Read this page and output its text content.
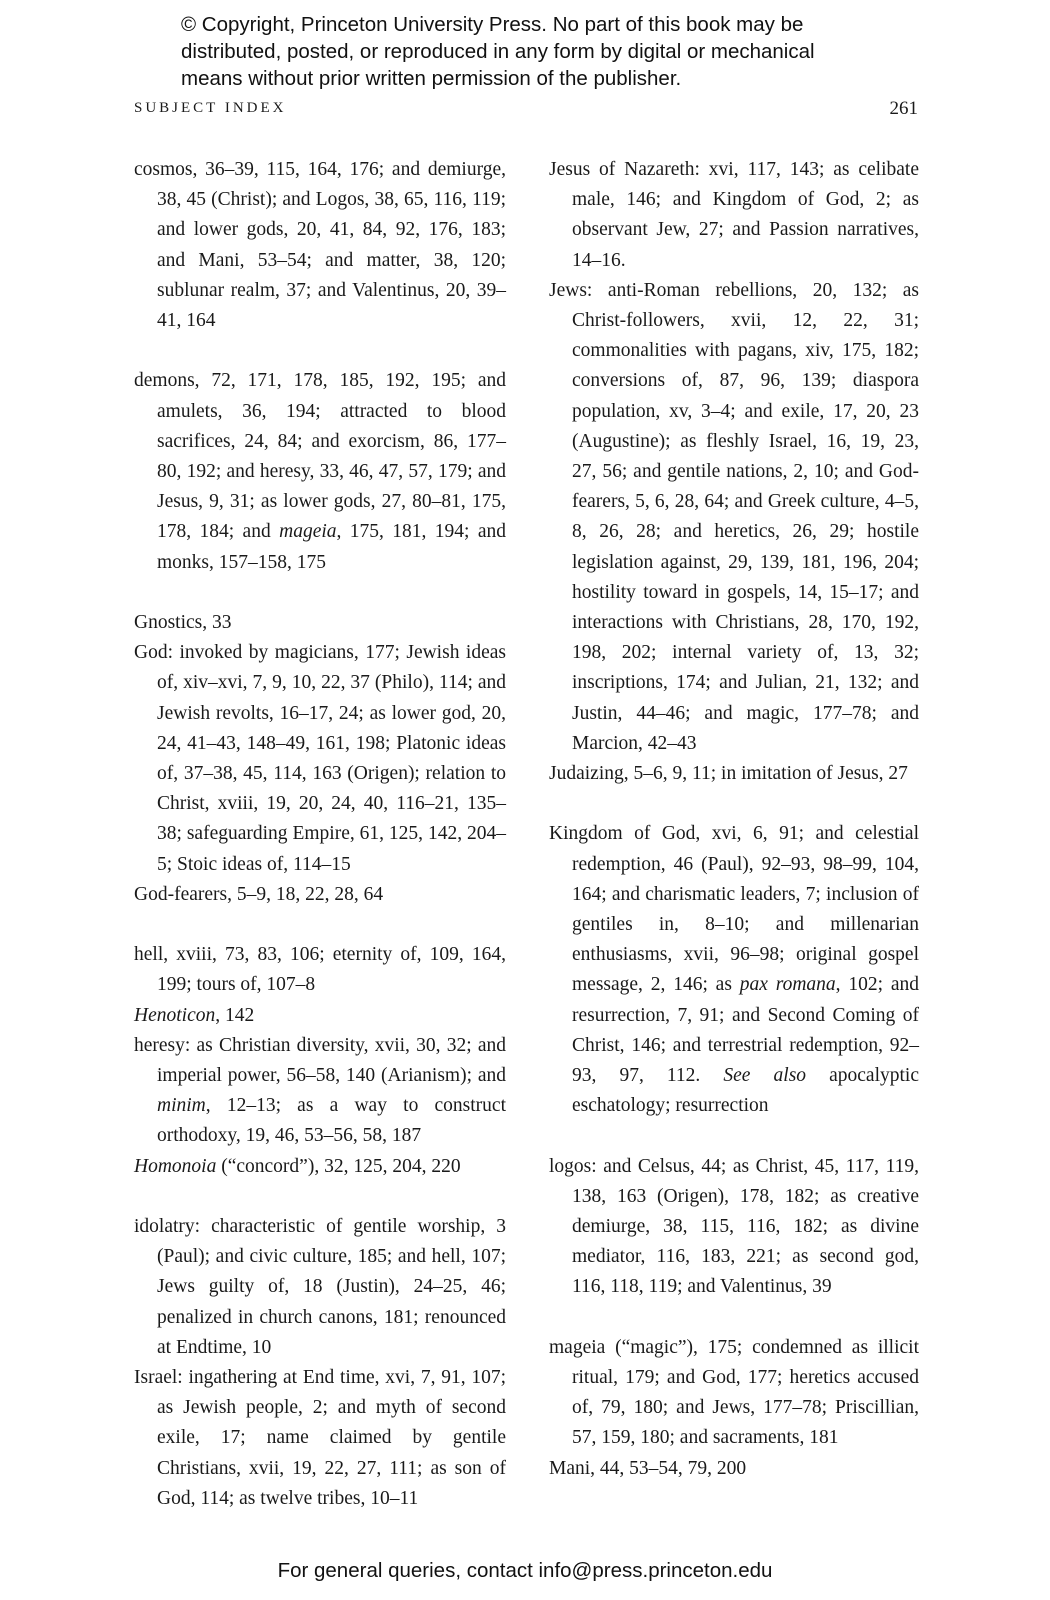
© Copyright, Princeton University Press. No part of this book may be
distributed, posted, or reproduced in any form by digital or mechanical
means without prior written permission of the publisher.
SUBJECT INDEX	261
cosmos, 36–39, 115, 164, 176; and demiurge, 38, 45 (Christ); and Logos, 38, 65, 116, 119; and lower gods, 20, 41, 84, 92, 176, 183; and Mani, 53–54; and matter, 38, 120; sublunar realm, 37; and Valentinus, 20, 39–41, 164
demons, 72, 171, 178, 185, 192, 195; and amulets, 36, 194; attracted to blood sacrifices, 24, 84; and exorcism, 86, 177–80, 192; and heresy, 33, 46, 47, 57, 179; and Jesus, 9, 31; as lower gods, 27, 80–81, 175, 178, 184; and mageia, 175, 181, 194; and monks, 157–158, 175
Gnostics, 33
God: invoked by magicians, 177; Jewish ideas of, xiv–xvi, 7, 9, 10, 22, 37 (Philo), 114; and Jewish revolts, 16–17, 24; as lower god, 20, 24, 41–43, 148–49, 161, 198; Platonic ideas of, 37–38, 45, 114, 163 (Origen); relation to Christ, xviii, 19, 20, 24, 40, 116–21, 135–38; safeguarding Empire, 61, 125, 142, 204–5; Stoic ideas of, 114–15
God-fearers, 5–9, 18, 22, 28, 64
hell, xviii, 73, 83, 106; eternity of, 109, 164, 199; tours of, 107–8
Henoticon, 142
heresy: as Christian diversity, xvii, 30, 32; and imperial power, 56–58, 140 (Arianism); and minim, 12–13; as a way to construct orthodoxy, 19, 46, 53–56, 58, 187
Homonoia (“concord”), 32, 125, 204, 220
idolatry: characteristic of gentile worship, 3 (Paul); and civic culture, 185; and hell, 107; Jews guilty of, 18 (Justin), 24–25, 46; penalized in church canons, 181; renounced at Endtime, 10
Israel: ingathering at End time, xvi, 7, 91, 107; as Jewish people, 2; and myth of second exile, 17; name claimed by gentile Christians, xvii, 19, 22, 27, 111; as son of God, 114; as twelve tribes, 10–11
Jesus of Nazareth: xvi, 117, 143; as celibate male, 146; and Kingdom of God, 2; as observant Jew, 27; and Passion narratives, 14–16.
Jews: anti-Roman rebellions, 20, 132; as Christ-followers, xvii, 12, 22, 31; commonalities with pagans, xiv, 175, 182; conversions of, 87, 96, 139; diaspora population, xv, 3–4; and exile, 17, 20, 23 (Augustine); as fleshly Israel, 16, 19, 23, 27, 56; and gentile nations, 2, 10; and God-fearers, 5, 6, 28, 64; and Greek culture, 4–5, 8, 26, 28; and heretics, 26, 29; hostile legislation against, 29, 139, 181, 196, 204; hostility toward in gospels, 14, 15–17; and interactions with Christians, 28, 170, 192, 198, 202; internal variety of, 13, 32; inscriptions, 174; and Julian, 21, 132; and Justin, 44–46; and magic, 177–78; and Marcion, 42–43
Judaizing, 5–6, 9, 11; in imitation of Jesus, 27
Kingdom of God, xvi, 6, 91; and celestial redemption, 46 (Paul), 92–93, 98–99, 104, 164; and charismatic leaders, 7; inclusion of gentiles in, 8–10; and millenarian enthusiasms, xvii, 96–98; original gospel message, 2, 146; as pax romana, 102; and resurrection, 7, 91; and Second Coming of Christ, 146; and terrestrial redemption, 92–93, 97, 112. See also apocalyptic eschatology; resurrection
logos: and Celsus, 44; as Christ, 45, 117, 119, 138, 163 (Origen), 178, 182; as creative demiurge, 38, 115, 116, 182; as divine mediator, 116, 183, 221; as second god, 116, 118, 119; and Valentinus, 39
mageia (“magic”), 175; condemned as illicit ritual, 179; and God, 177; heretics accused of, 79, 180; and Jews, 177–78; Priscillian, 57, 159, 180; and sacraments, 181
Mani, 44, 53–54, 79, 200
For general queries, contact info@press.princeton.edu
